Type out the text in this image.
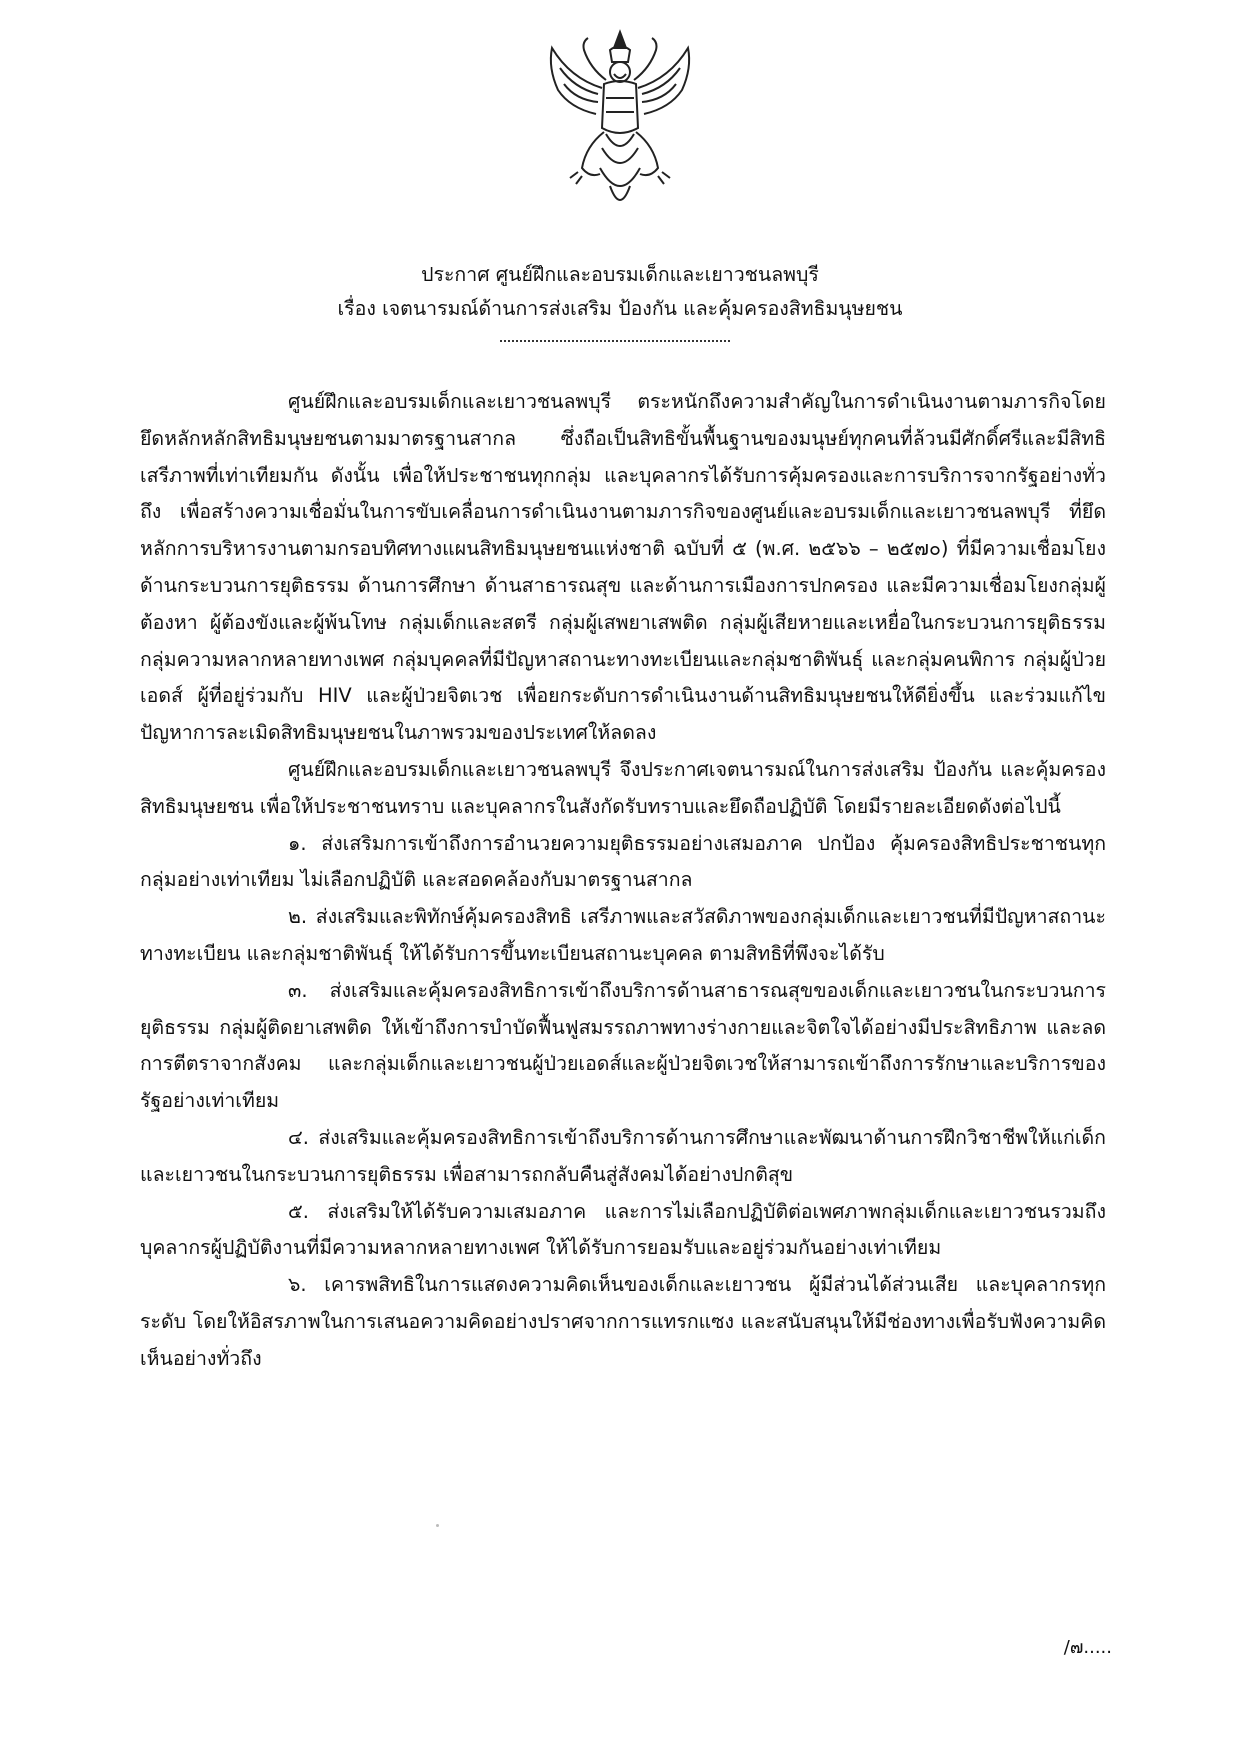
ประกาศ ศูนย์ฝึกและอบรมเด็กและเยาวชนลพบุรี
เรื่อง เจตนารมณ์ด้านการส่งเสริม ป้องกัน และคุ้มครองสิทธิมนุษยชน

ศูนย์ฝึกและอบรมเด็กและเยาวชนลพบุรี ตระหนักถึงความสำคัญในการดำเนินงานตามภารกิจโดยยึดหลักหลักสิทธิมนุษยชนตามมาตรฐานสากล ซึ่งถือเป็นสิทธิขั้นพื้นฐานของมนุษย์ทุกคนที่ล้วนมีศักดิ์ศรีและมีสิทธิเสรีภาพที่เท่าเทียมกัน ดังนั้น เพื่อให้ประชาชนทุกกลุ่ม และบุคลากรได้รับการคุ้มครองและการบริการจากรัฐอย่างทั่วถึง เพื่อสร้างความเชื่อมั่นในการขับเคลื่อนการดำเนินงานตามภารกิจของศูนย์และอบรมเด็กและเยาวชนลพบุรี ที่ยึดหลักการบริหารงานตามกรอบทิศทางแผนสิทธิมนุษยชนแห่งชาติ ฉบับที่ ๕ (พ.ศ. ๒๕๖๖ – ๒๕๗๐) ที่มีความเชื่อมโยงด้านกระบวนการยุติธรรม ด้านการศึกษา ด้านสาธารณสุข และด้านการเมืองการปกครอง และมีความเชื่อมโยงกลุ่มผู้ต้องหา ผู้ต้องขังและผู้พ้นโทษ กลุ่มเด็กและสตรี กลุ่มผู้เสพยาเสพติด กลุ่มผู้เสียหายและเหยื่อในกระบวนการยุติธรรม กลุ่มความหลากหลายทางเพศ กลุ่มบุคคลที่มีปัญหาสถานะทางทะเบียนและกลุ่มชาติพันธุ์ และกลุ่มคนพิการ กลุ่มผู้ป่วยเอดส์ ผู้ที่อยู่ร่วมกับ HIV และผู้ป่วยจิตเวช เพื่อยกระดับการดำเนินงานด้านสิทธิมนุษยชนให้ดียิ่งขึ้น และร่วมแก้ไขปัญหาการละเมิดสิทธิมนุษยชนในภาพรวมของประเทศให้ลดลง

ศูนย์ฝึกและอบรมเด็กและเยาวชนลพบุรี จึงประกาศเจตนารมณ์ในการส่งเสริม ป้องกัน และคุ้มครองสิทธิมนุษยชน เพื่อให้ประชาชนทราบ และบุคลากรในสังกัดรับทราบและยึดถือปฏิบัติ โดยมีรายละเอียดดังต่อไปนี้

๑. ส่งเสริมการเข้าถึงการอำนวยความยุติธรรมอย่างเสมอภาค ปกป้อง คุ้มครองสิทธิประชาชนทุกกลุ่มอย่างเท่าเทียม ไม่เลือกปฏิบัติ และสอดคล้องกับมาตรฐานสากล

๒. ส่งเสริมและพิทักษ์คุ้มครองสิทธิ เสรีภาพและสวัสดิภาพของกลุ่มเด็กและเยาวชนที่มีปัญหาสถานะทางทะเบียน และกลุ่มชาติพันธุ์ ให้ได้รับการขึ้นทะเบียนสถานะบุคคล ตามสิทธิที่พึงจะได้รับ

๓. ส่งเสริมและคุ้มครองสิทธิการเข้าถึงบริการด้านสาธารณสุขของเด็กและเยาวชนในกระบวนการยุติธรรม กลุ่มผู้ติดยาเสพติด ให้เข้าถึงการบำบัดฟื้นฟูสมรรถภาพทางร่างกายและจิตใจได้อย่างมีประสิทธิภาพ และลดการตีตราจากสังคม และกลุ่มเด็กและเยาวชนผู้ป่วยเอดส์และผู้ป่วยจิตเวชให้สามารถเข้าถึงการรักษาและบริการของรัฐอย่างเท่าเทียม

๔. ส่งเสริมและคุ้มครองสิทธิการเข้าถึงบริการด้านการศึกษาและพัฒนาด้านการฝึกวิชาชีพให้แก่เด็กและเยาวชนในกระบวนการยุติธรรม เพื่อสามารถกลับคืนสู่สังคมได้อย่างปกติสุข

๕. ส่งเสริมให้ได้รับความเสมอภาค และการไม่เลือกปฏิบัติต่อเพศภาพกลุ่มเด็กและเยาวชนรวมถึงบุคลากรผู้ปฏิบัติงานที่มีความหลากหลายทางเพศ ให้ได้รับการยอมรับและอยู่ร่วมกันอย่างเท่าเทียม

๖. เคารพสิทธิในการแสดงความคิดเห็นของเด็กและเยาวชน ผู้มีส่วนได้ส่วนเสีย และบุคลากรทุกระดับ โดยให้อิสรภาพในการเสนอความคิดอย่างปราศจากการแทรกแซง และสนับสนุนให้มีช่องทางเพื่อรับฟังความคิดเห็นอย่างทั่วถึง

/๗.....
